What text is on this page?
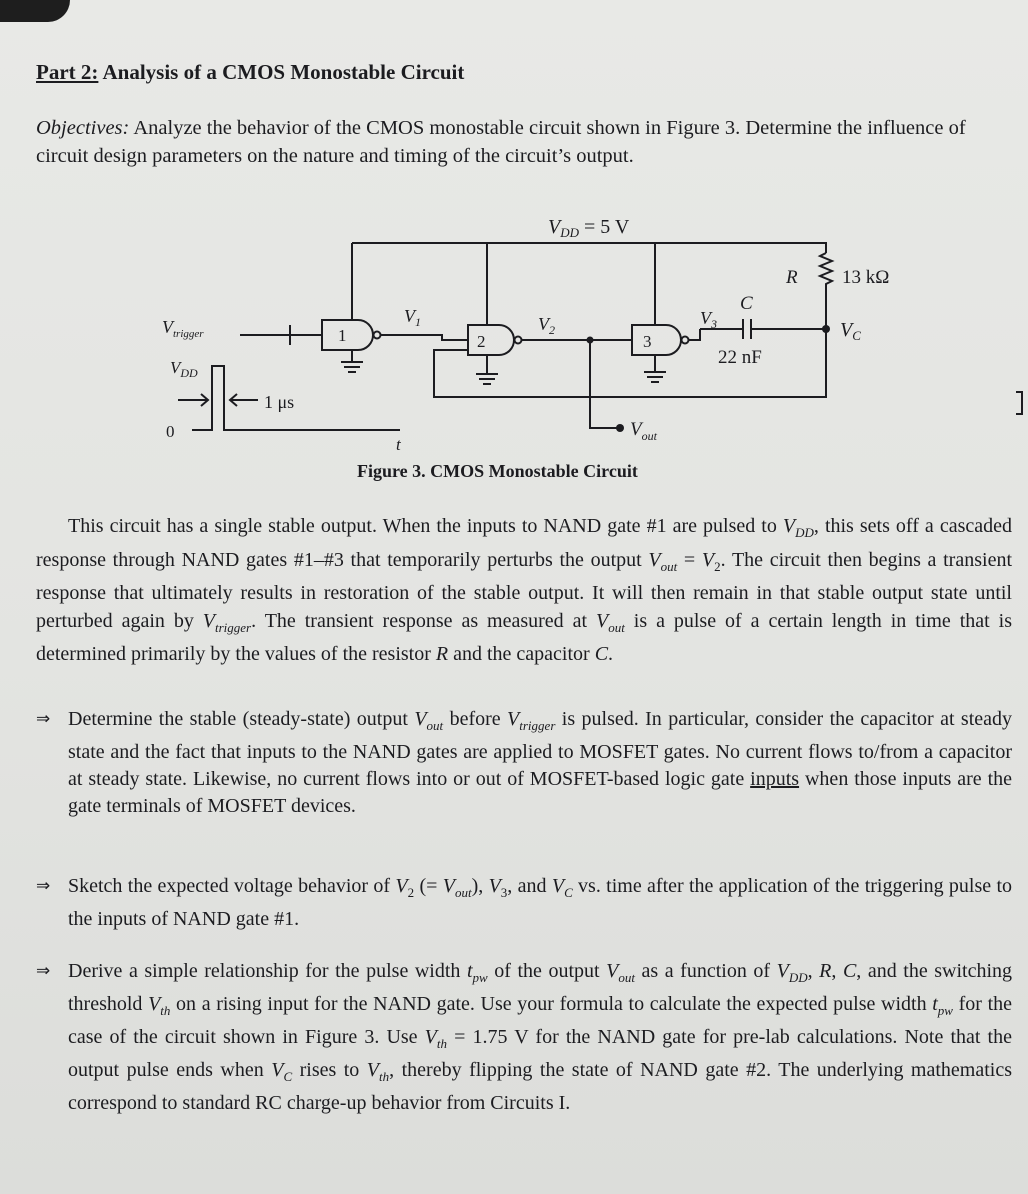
Part 2: Analysis of a CMOS Monostable Circuit
Objectives: Analyze the behavior of the CMOS monostable circuit shown in Figure 3. Determine the influence of circuit design parameters on the nature and timing of the circuit’s output.
$V_{DD} = 5$ V
R 13 kΩ
$V_C$
C
22 nF
1
$V_1$
2
$V_2$
3
$V_3$
$V_{out}$
$V_{trigger}$
$V_{DD}$
1 μs
0
t
Figure 3. CMOS Monostable Circuit
This circuit has a single stable output. When the inputs to NAND gate #1 are pulsed to $V_{DD}$, this sets off a cascaded response through NAND gates #1–#3 that temporarily perturbs the output $V_{out} = V_2$. The circuit then begins a transient response that ultimately results in restoration of the stable output. It will then remain in that stable output state until perturbed again by $V_{trigger}$. The transient response as measured at $V_{out}$ is a pulse of a certain length in time that is determined primarily by the values of the resistor R and the capacitor C.
⇒ Determine the stable (steady-state) output $V_{out}$ before $V_{trigger}$ is pulsed. In particular, consider the capacitor at steady state and the fact that inputs to the NAND gates are applied to MOSFET gates. No current flows to/from a capacitor at steady state. Likewise, no current flows into or out of MOSFET-based logic gate inputs when those inputs are the gate terminals of MOSFET devices.
⇒ Sketch the expected voltage behavior of $V_2$ (= $V_{out}$), $V_3$, and $V_C$ vs. time after the application of the triggering pulse to the inputs of NAND gate #1.
⇒ Derive a simple relationship for the pulse width $t_{pw}$ of the output $V_{out}$ as a function of $V_{DD}$, R, C, and the switching threshold $V_{th}$ on a rising input for the NAND gate. Use your formula to calculate the expected pulse width $t_{pw}$ for the case of the circuit shown in Figure 3. Use $V_{th} = 1.75$ V for the NAND gate for pre-lab calculations. Note that the output pulse ends when $V_C$ rises to $V_{th}$, thereby flipping the state of NAND gate #2. The underlying mathematics correspond to standard RC charge-up behavior from Circuits I.
